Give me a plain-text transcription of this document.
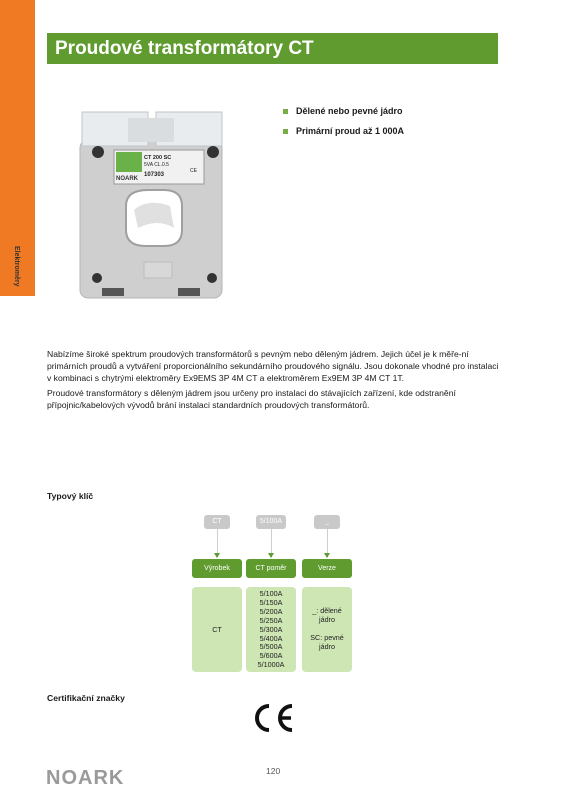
Elektroměry
Proudové transformátory CT
NOARK
CT 200 SC
5VA CL.0.5
107303
CE
Dělené nebo pevné jádro
Primární proud až 1 000A

Nabízíme široké spektrum proudových transformátorů s pevným nebo děleným jádrem. Jejich účel je k měře-ní primárních proudů a vytváření proporcionálního sekundárního proudového signálu. Jsou dokonale vhodné pro instalaci v kombinaci s chytrými elektroměry Ex9EMS 3P 4M CT a elektroměrem Ex9EM 3P 4M CT 1T.

Proudové transformátory s děleným jádrem jsou určeny pro instalaci do stávajících zařízení, kde odstranění přípojnic/kabelových vývodů brání instalaci standardních proudových transformátorů.

Typový klíč
CT
Výrobek
CT
5/100A
CT poměr
5/100A
5/150A
5/200A
5/250A
5/300A
5/400A
5/500A
5/600A
5/1000A
_
Verze
_: dělené
jádro

SC: pevné
jádro
Certifikační značky
120
NOARK
